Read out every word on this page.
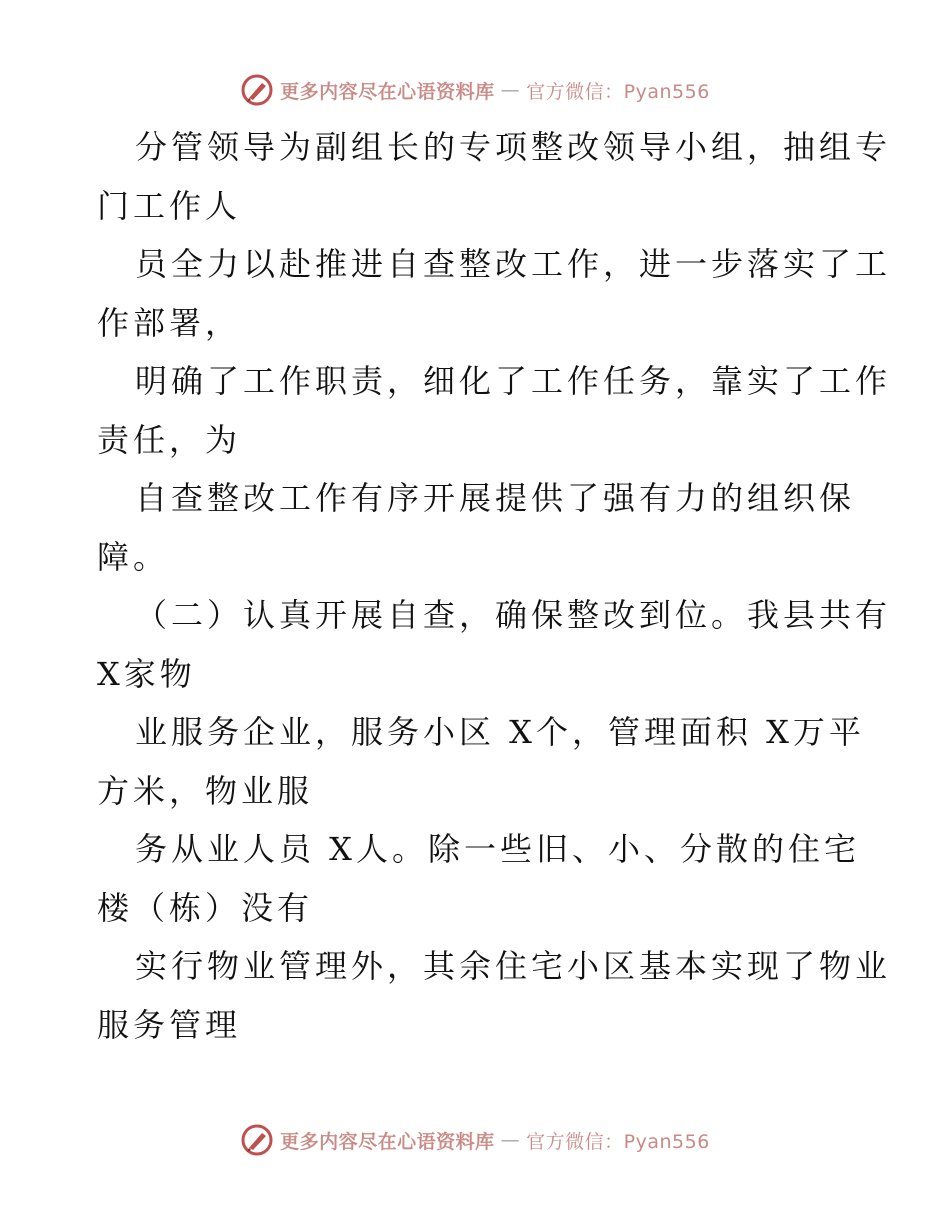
更多内容尽在心语资料库 — 官方微信：Pyan556
分管领导为副组长的专项整改领导小组，抽组专
门工作人
员全力以赴推进自查整改工作，进一步落实了工
作部署，
明确了工作职责，细化了工作任务，靠实了工作
责任，为
自查整改工作有序开展提供了强有力的组织保
障。
（二）认真开展自查，确保整改到位。我县共有
X家物
业服务企业，服务小区 X个，管理面积 X万平
方米，物业服
务从业人员 X人。除一些旧、小、分散的住宅
楼（栋）没有
实行物业管理外，其余住宅小区基本实现了物业
服务管理
更多内容尽在心语资料库 — 官方微信：Pyan556
